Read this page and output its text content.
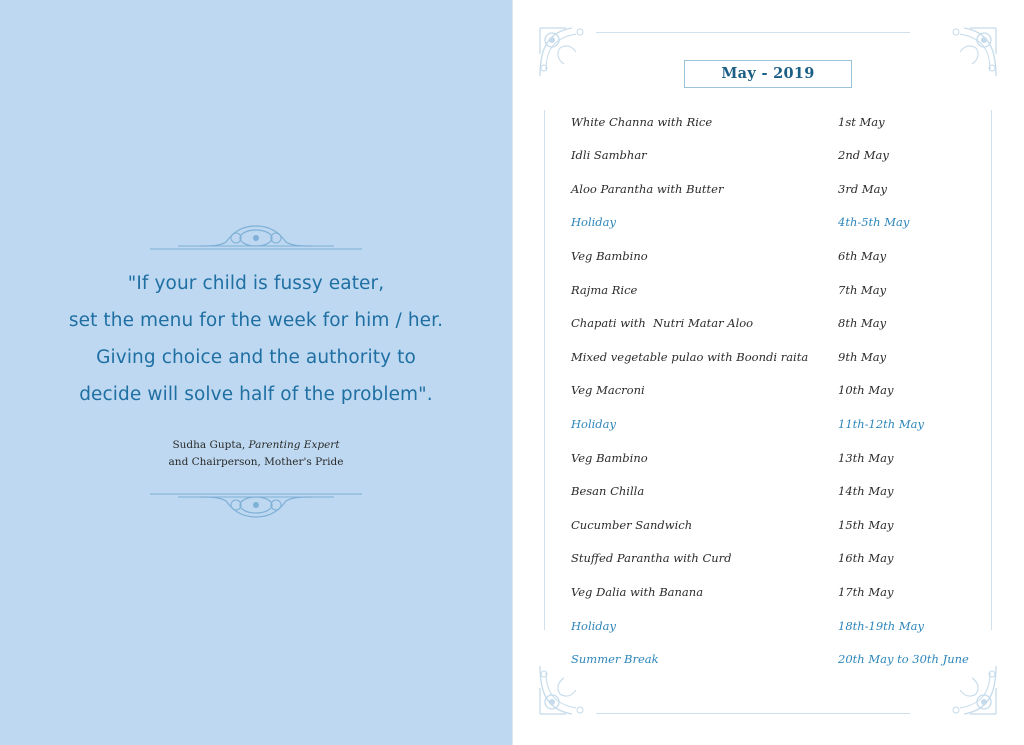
"If your child is fussy eater,
set the menu for the week for him / her.
Giving choice and the authority to
decide will solve half of the problem".
Sudha Gupta, Parenting Expert
and Chairperson, Mother's Pride
May - 2019
White Channa with Rice	1st May
Idli Sambhar	2nd May
Aloo Parantha with Butter	3rd May
Holiday	4th-5th May
Veg Bambino	6th May
Rajma Rice	7th May
Chapati with  Nutri Matar Aloo	8th May
Mixed vegetable pulao with Boondi raita	9th May
Veg Macroni	10th May
Holiday	11th-12th May
Veg Bambino	13th May
Besan Chilla	14th May
Cucumber Sandwich	15th May
Stuffed Parantha with Curd	16th May
Veg Dalia with Banana	17th May
Holiday	18th-19th May
Summer Break	20th May to 30th June
